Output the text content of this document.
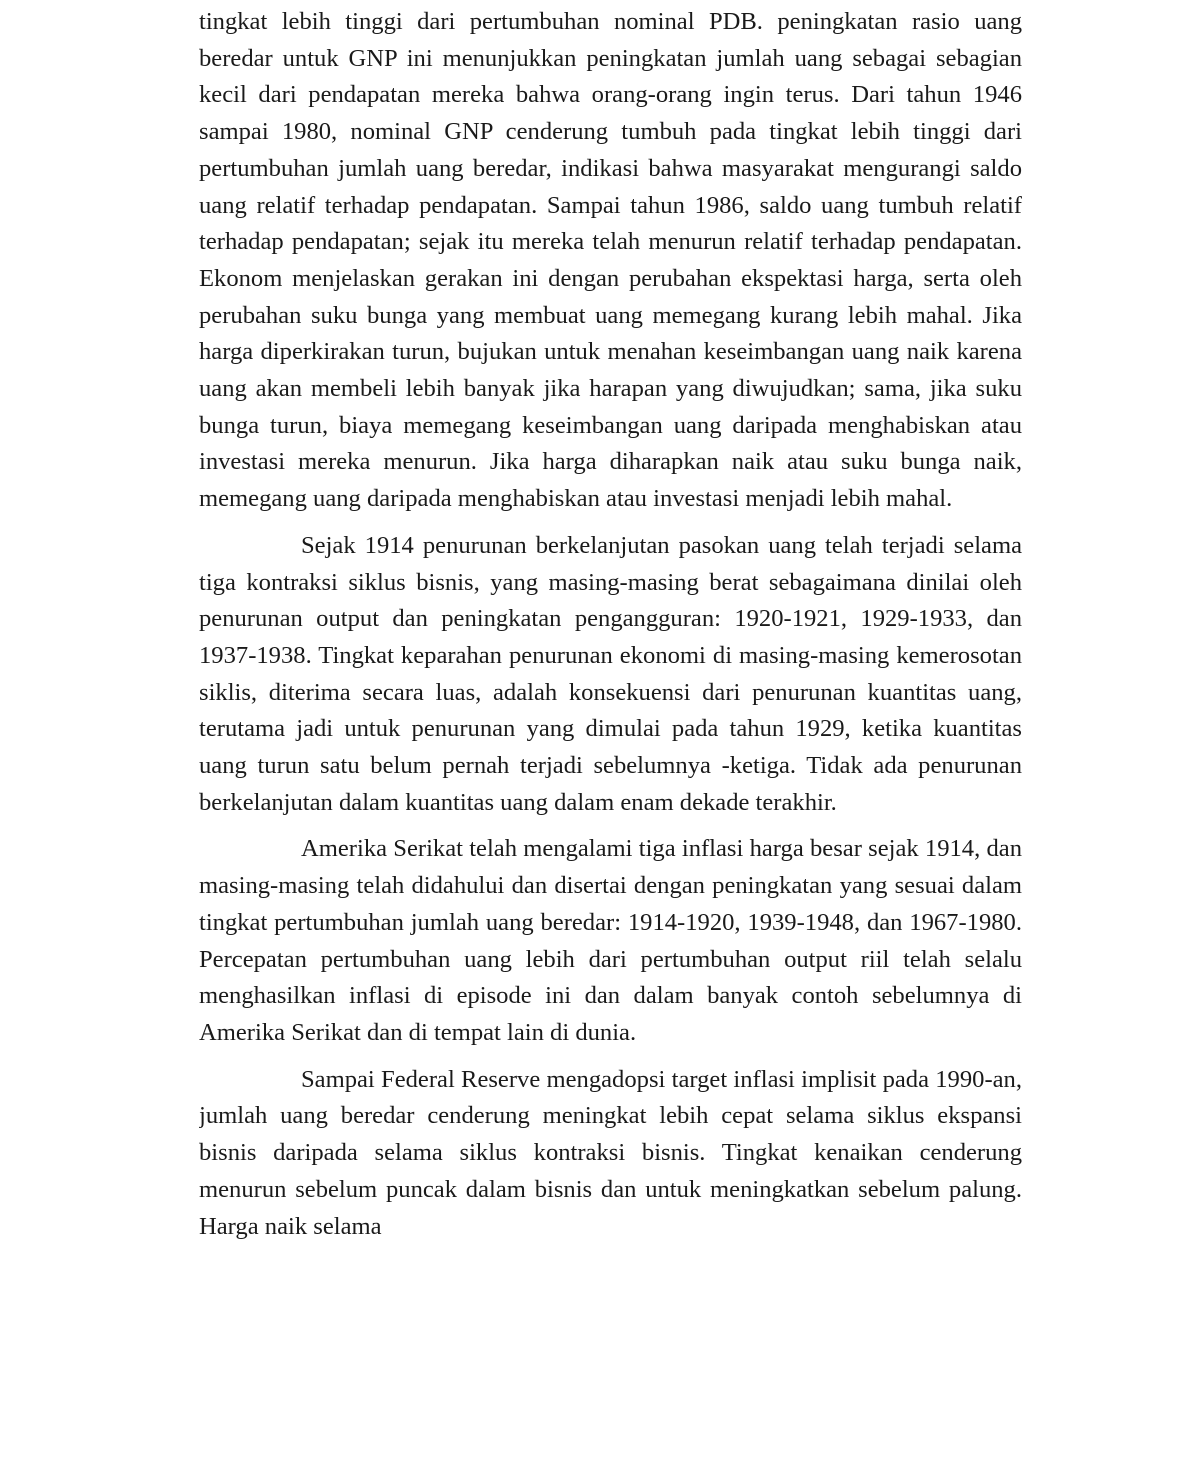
tingkat lebih tinggi dari pertumbuhan nominal PDB. peningkatan rasio uang beredar untuk GNP ini menunjukkan peningkatan jumlah uang sebagai sebagian kecil dari pendapatan mereka bahwa orang-orang ingin terus. Dari tahun 1946 sampai 1980, nominal GNP cenderung tumbuh pada tingkat lebih tinggi dari pertumbuhan jumlah uang beredar, indikasi bahwa masyarakat mengurangi saldo uang relatif terhadap pendapatan. Sampai tahun 1986, saldo uang tumbuh relatif terhadap pendapatan; sejak itu mereka telah menurun relatif terhadap pendapatan. Ekonom menjelaskan gerakan ini dengan perubahan ekspektasi harga, serta oleh perubahan suku bunga yang membuat uang memegang kurang lebih mahal. Jika harga diperkirakan turun, bujukan untuk menahan keseimbangan uang naik karena uang akan membeli lebih banyak jika harapan yang diwujudkan; sama, jika suku bunga turun, biaya memegang keseimbangan uang daripada menghabiskan atau investasi mereka menurun. Jika harga diharapkan naik atau suku bunga naik, memegang uang daripada menghabiskan atau investasi menjadi lebih mahal.

Sejak 1914 penurunan berkelanjutan pasokan uang telah terjadi selama tiga kontraksi siklus bisnis, yang masing-masing berat sebagaimana dinilai oleh penurunan output dan peningkatan pengangguran: 1920-1921, 1929-1933, dan 1937-1938. Tingkat keparahan penurunan ekonomi di masing-masing kemerosotan siklis, diterima secara luas, adalah konsekuensi dari penurunan kuantitas uang, terutama jadi untuk penurunan yang dimulai pada tahun 1929, ketika kuantitas uang turun satu belum pernah terjadi sebelumnya -ketiga. Tidak ada penurunan berkelanjutan dalam kuantitas uang dalam enam dekade terakhir.

Amerika Serikat telah mengalami tiga inflasi harga besar sejak 1914, dan masing-masing telah didahului dan disertai dengan peningkatan yang sesuai dalam tingkat pertumbuhan jumlah uang beredar: 1914-1920, 1939-1948, dan 1967-1980. Percepatan pertumbuhan uang lebih dari pertumbuhan output riil telah selalu menghasilkan inflasi di episode ini dan dalam banyak contoh sebelumnya di Amerika Serikat dan di tempat lain di dunia.

Sampai Federal Reserve mengadopsi target inflasi implisit pada 1990-an, jumlah uang beredar cenderung meningkat lebih cepat selama siklus ekspansi bisnis daripada selama siklus kontraksi bisnis. Tingkat kenaikan cenderung menurun sebelum puncak dalam bisnis dan untuk meningkatkan sebelum palung. Harga naik selama
